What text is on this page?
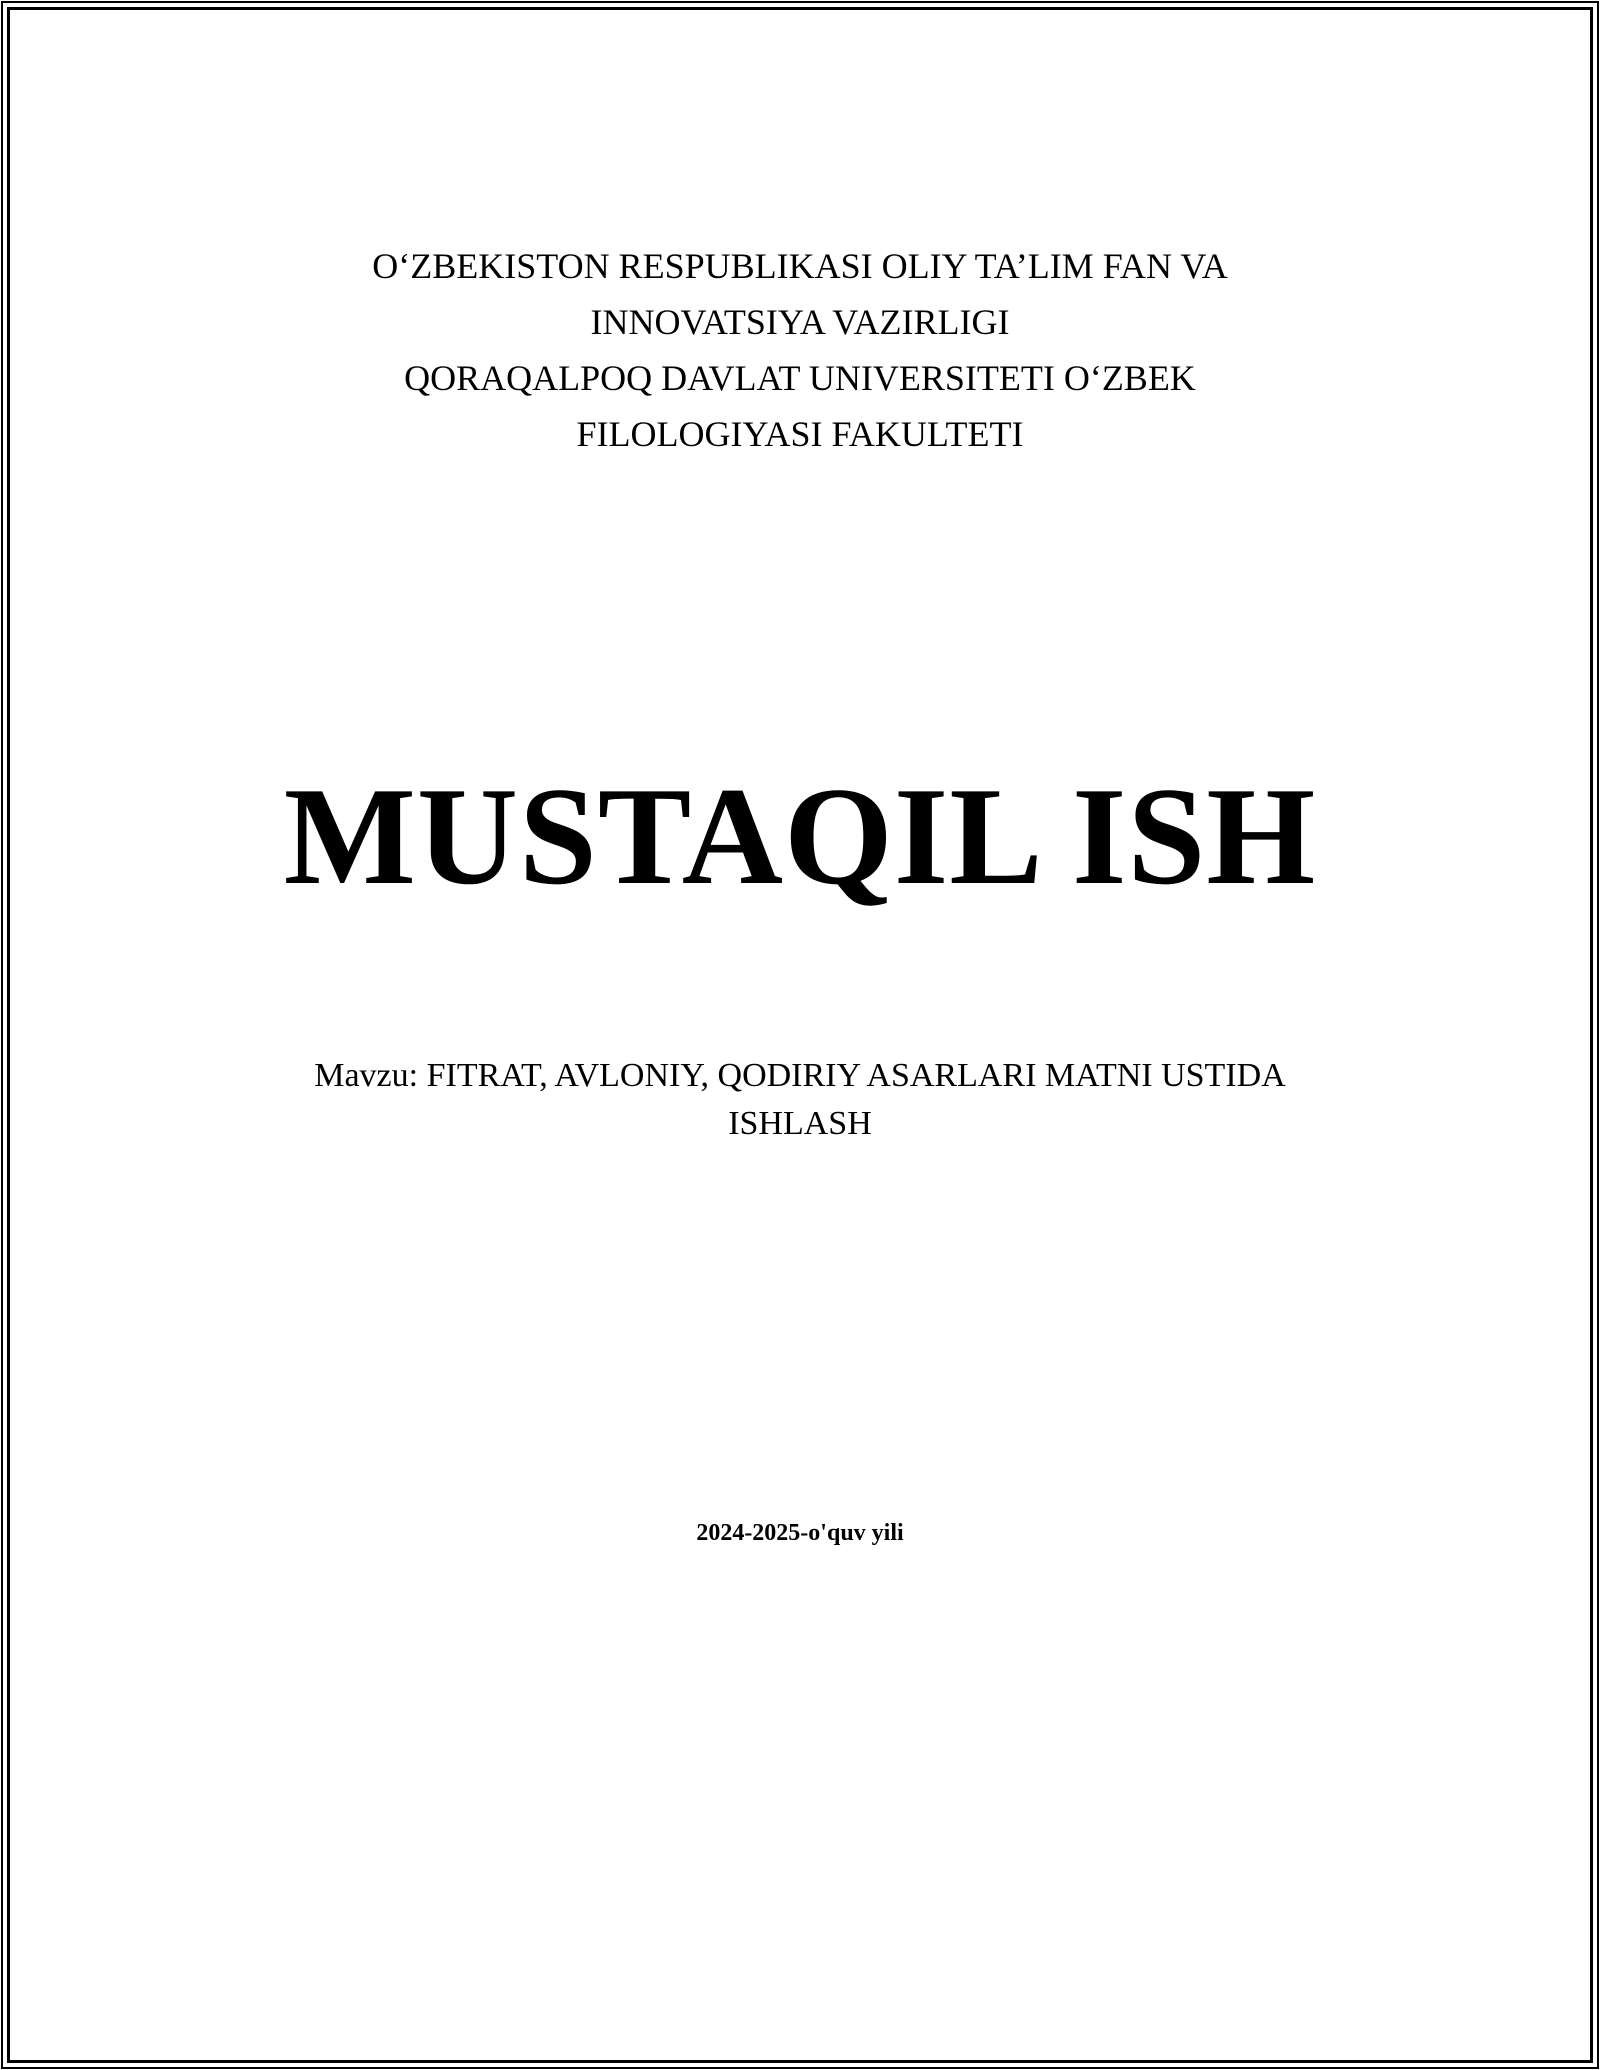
O‘ZBEKISTON RESPUBLIKASI OLIY TA’LIM FAN VA
INNOVATSIYA VAZIRLIGI
QORAQALPOQ DAVLAT UNIVERSITETI O‘ZBEK
FILOLOGIYASI FAKULTETI
MUSTAQIL ISH
Mavzu: FITRAT, AVLONIY, QODIRIY ASARLARI MATNI USTIDA
ISHLASH
2024-2025-o'quv yili
